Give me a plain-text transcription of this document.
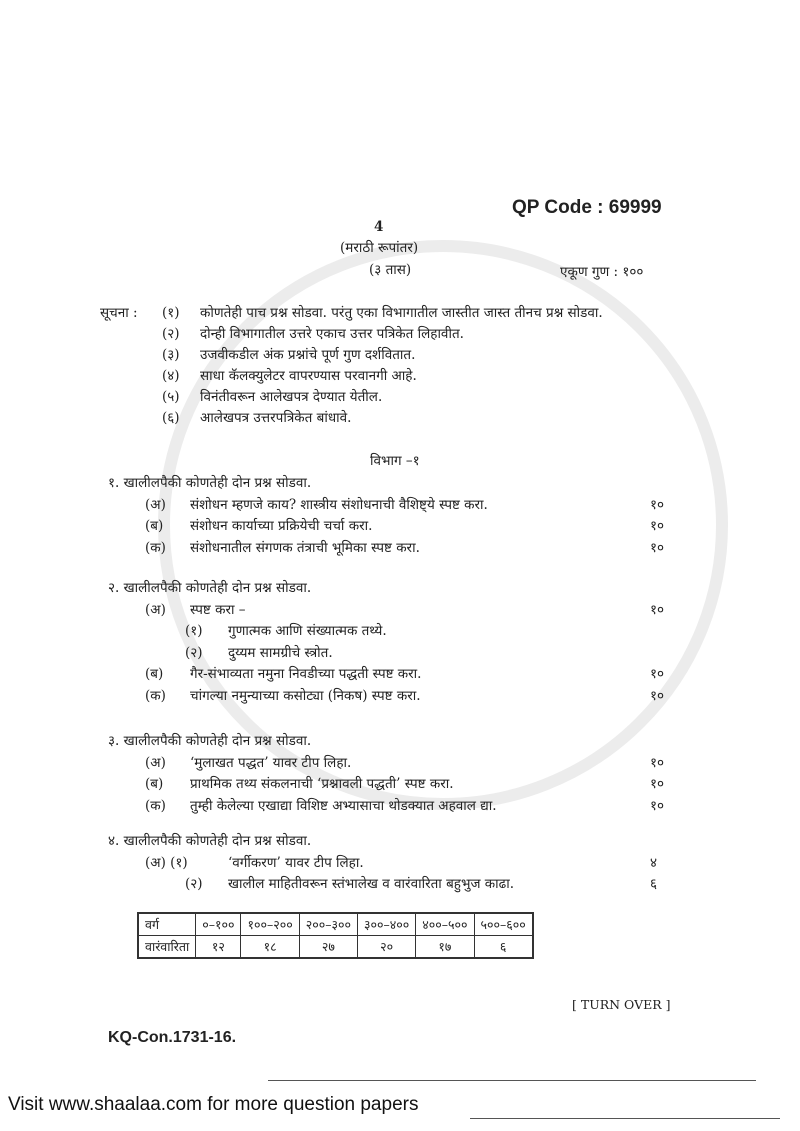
QP Code : 69999
4
(मराठी रूपांतर)
(३ तास)	एकूण गुण : १००
सूचना : (१) कोणतेही पाच प्रश्न सोडवा. परंतु एका विभागातील जास्तीत जास्त तीनच प्रश्न सोडवा.
(२) दोन्ही विभागातील उत्तरे एकाच उत्तर पत्रिकेत लिहावीत.
(३) उजवीकडील अंक प्रश्नांचे पूर्ण गुण दर्शवितात.
(४) साधा कॅलक्युलेटर वापरण्यास परवानगी आहे.
(५) विनंतीवरून आलेखपत्र देण्यात येतील.
(६) आलेखपत्र उत्तरपत्रिकेत बांधावे.
विभाग –१
१. खालीलपैकी कोणतेही दोन प्रश्न सोडवा.
(अ) संशोधन म्हणजे काय? शास्त्रीय संशोधनाची वैशिष्ट्ये स्पष्ट करा.	१०
(ब) संशोधन कार्याच्या प्रक्रियेची चर्चा करा.	१०
(क) संशोधनातील संगणक तंत्राची भूमिका स्पष्ट करा.	१०
२. खालीलपैकी कोणतेही दोन प्रश्न सोडवा.
(अ) स्पष्ट करा –	१०
(१) गुणात्मक आणि संख्यात्मक तथ्ये.
(२) दुय्यम सामग्रीचे स्त्रोत.
(ब) गैर-संभाव्यता नमुना निवडीच्या पद्धती स्पष्ट करा.	१०
(क) चांगल्या नमुन्याच्या कसोट्या (निकष) स्पष्ट करा.	१०
३. खालीलपैकी कोणतेही दोन प्रश्न सोडवा.
(अ) ‘मुलाखत पद्धत’ यावर टीप लिहा.	१०
(ब) प्राथमिक तथ्य संकलनाची ‘प्रश्नावली पद्धती’ स्पष्ट करा.	१०
(क) तुम्ही केलेल्या एखाद्या विशिष्ट अभ्यासाचा थोडक्यात अहवाल द्या.	१०
४. खालीलपैकी कोणतेही दोन प्रश्न सोडवा.
(अ) (१)	‘वर्गीकरण’ यावर टीप लिहा.	४
(२) खालील माहितीवरून स्तंभालेख व वारंवारिता बहुभुज काढा.	६
वर्ग	०–१००	१००–२००	२००–३००	३००–४००	४००–५००	५००–६००
वारंवारिता	१२	१८	२७	२०	१७	६
[ TURN OVER ]
KQ-Con.1731-16.
Visit www.shaalaa.com for more question papers
